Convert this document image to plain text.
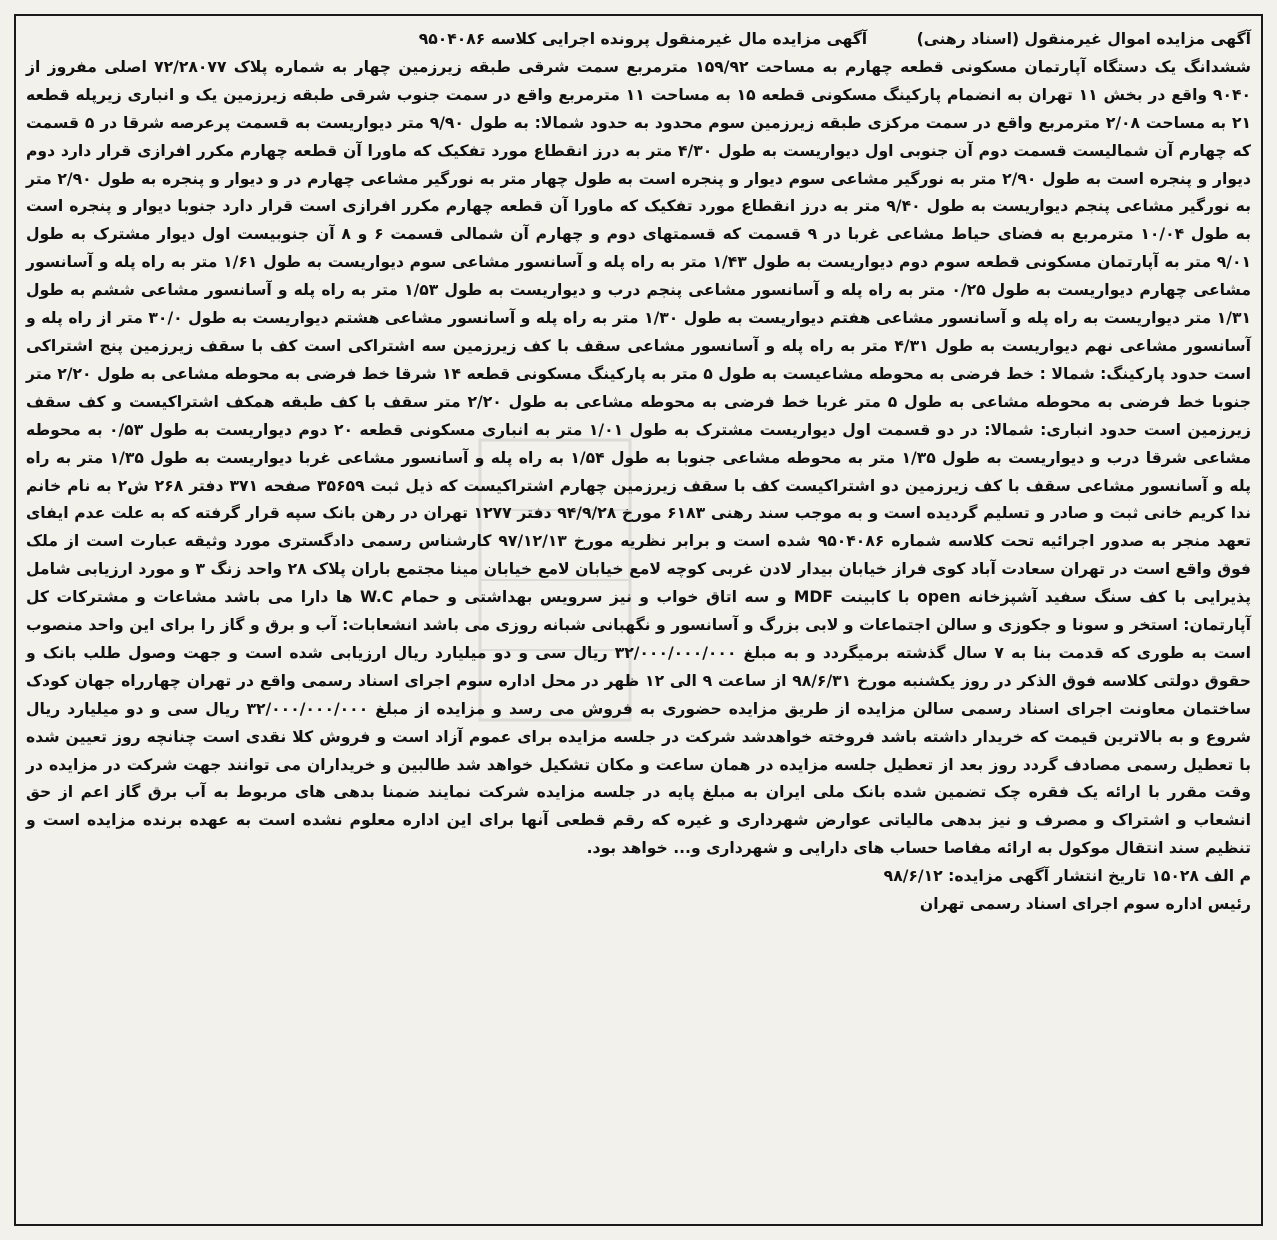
آگهی مزایده اموال غیرمنقول (اسناد رهنی) آگهی مزایده مال غیرمنقول پرونده اجرایی کلاسه ۹۵۰۴۰۸۶
ششدانگ یک دستگاه آپارتمان مسکونی قطعه چهارم به مساحت ۱۵۹/۹۲ مترمربع سمت شرقی طبقه زیرزمین چهار به شماره پلاک ۷۲/۲۸۰۷۷ اصلی مفروز از ۹۰۴۰ واقع در بخش ۱۱ تهران به انضمام پارکینگ مسکونی قطعه ۱۵ به مساحت ۱۱ مترمربع واقع در سمت جنوب شرقی طبقه زیرزمین یک و انباری زیرپله قطعه ۲۱ به مساحت ۲/۰۸ مترمربع واقع در سمت مرکزی طبقه زیرزمین سوم محدود به حدود شمالا: به طول ۹/۹۰ متر دیواریست به قسمت پرعرصه شرقا در ۵ قسمت که چهارم آن شمالیست قسمت دوم آن جنوبی اول دیواریست به طول ۴/۳۰ متر به درز انقطاع مورد تفکیک که ماورا آن قطعه چهارم مکرر افرازی قرار دارد دوم دیوار و پنجره است به طول ۲/۹۰ متر به نورگیر مشاعی سوم دیوار و پنجره است به طول چهار متر به نورگیر مشاعی چهارم در و دیوار و پنجره به طول ۲/۹۰ متر به نورگیر مشاعی پنجم دیواریست به طول ۹/۴۰ متر به درز انقطاع مورد تفکیک که ماورا آن قطعه چهارم مکرر افرازی است قرار دارد جنوبا دیوار و پنجره است به طول ۱۰/۰۴ مترمربع به فضای حیاط مشاعی غربا در ۹ قسمت که قسمتهای دوم و چهارم آن شمالی قسمت ۶ و ۸ آن جنوبیست اول دیوار مشترک به طول ۹/۰۱ متر به آپارتمان مسکونی قطعه سوم دوم دیواریست به طول ۱/۴۳ متر به راه پله و آسانسور مشاعی سوم دیواریست به طول ۱/۶۱ متر به راه پله و آسانسور مشاعی چهارم دیواریست به طول ۰/۲۵ متر به راه پله و آسانسور مشاعی پنجم درب و دیواریست به طول ۱/۵۳ متر به راه پله و آسانسور مشاعی ششم به طول ۱/۳۱ متر دیواریست به راه پله و آسانسور مشاعی هفتم دیواریست به طول ۱/۳۰ متر به راه پله و آسانسور مشاعی هشتم دیواریست به طول ۳۰/۰ متر از راه پله و آسانسور مشاعی نهم دیواریست به طول ۴/۳۱ متر به راه پله و آسانسور مشاعی سقف با کف زیرزمین سه اشتراکی است کف با سقف زیرزمین پنج اشتراکی است حدود پارکینگ: شمالا : خط فرضی به محوطه مشاعیست به طول ۵ متر به پارکینگ مسکونی قطعه ۱۴ شرقا خط فرضی به محوطه مشاعی به طول ۲/۲۰ متر جنوبا خط فرضی به محوطه مشاعی به طول ۵ متر غربا خط فرضی به محوطه مشاعی به طول ۲/۲۰ متر سقف با کف طبقه همکف اشتراکیست و کف سقف زیرزمین است حدود انباری: شمالا: در دو قسمت اول دیواریست مشترک به طول ۱/۰۱ متر به انباری مسکونی قطعه ۲۰ دوم دیواریست به طول ۰/۵۳ به محوطه مشاعی شرقا درب و دیواریست به طول ۱/۳۵ متر به محوطه مشاعی جنوبا به طول ۱/۵۴ به راه پله و آسانسور مشاعی غربا دیواریست به طول ۱/۳۵ متر به راه پله و آسانسور مشاعی سقف با کف زیرزمین دو اشتراکیست کف با سقف زیرزمین چهارم اشتراکیست که ذیل ثبت ۳۵۶۵۹ صفحه ۳۷۱ دفتر ۲۶۸ ش۲ به نام خانم ندا کریم خانی ثبت و صادر و تسلیم گردیده است و به موجب سند رهنی ۶۱۸۳ مورخ ۹۴/۹/۲۸ دفتر ۱۲۷۷ تهران در رهن بانک سپه قرار گرفته که به علت عدم ایفای تعهد منجر به صدور اجرائیه تحت کلاسه شماره ۹۵۰۴۰۸۶ شده است و برابر نظریه مورخ ۹۷/۱۲/۱۳ کارشناس رسمی دادگستری مورد وثیقه عبارت است از ملک فوق واقع است در تهران سعادت آباد کوی فراز خیابان بیدار لادن غربی کوچه لامع خیابان لامع خیابان مینا مجتمع باران پلاک ۲۸ واحد زنگ ۳ و مورد ارزیابی شامل پذیرایی با کف سنگ سفید آشپزخانه open با کابینت MDF و سه اتاق خواب و نیز سرویس بهداشتی و حمام W.C ها دارا می باشد مشاعات و مشترکات کل آپارتمان: استخر و سونا و جکوزی و سالن اجتماعات و لابی بزرگ و آسانسور و نگهبانی شبانه روزی می باشد انشعابات: آب و برق و گاز را برای این واحد منصوب است به طوری که قدمت بنا به ۷ سال گذشته برمیگردد و به مبلغ ۳۲/۰۰۰/۰۰۰/۰۰۰ ریال سی و دو میلیارد ریال ارزیابی شده است و جهت وصول طلب بانک و حقوق دولتی کلاسه فوق الذکر در روز یکشنبه مورخ ۹۸/۶/۳۱ از ساعت ۹ الی ۱۲ ظهر در محل اداره سوم اجرای اسناد رسمی واقع در تهران چهارراه جهان کودک ساختمان معاونت اجرای اسناد رسمی سالن مزایده از طریق مزایده حضوری به فروش می رسد و مزایده از مبلغ ۳۲/۰۰۰/۰۰۰/۰۰۰ ریال سی و دو میلیارد ریال شروع و به بالاترین قیمت که خریدار داشته باشد فروخته خواهدشد شرکت در جلسه مزایده برای عموم آزاد است و فروش کلا نقدی است چنانچه روز تعیین شده با تعطیل رسمی مصادف گردد روز بعد از تعطیل جلسه مزایده در همان ساعت و مکان تشکیل خواهد شد طالبین و خریداران می توانند جهت شرکت در مزایده در وقت مقرر با ارائه یک فقره چک تضمین شده بانک ملی ایران به مبلغ پایه در جلسه مزایده شرکت نمایند ضمنا بدهی های مربوط به آب برق گاز اعم از حق انشعاب و اشتراک و مصرف و نیز بدهی مالیاتی عوارض شهرداری و غیره که رقم قطعی آنها برای این اداره معلوم نشده است به عهده برنده مزایده است و تنظیم سند انتقال موکول به ارائه مفاصا حساب های دارایی و شهرداری و... خواهد بود.
م الف ۱۵۰۲۸ تاریخ انتشار آگهی مزایده: ۹۸/۶/۱۲
رئیس اداره سوم اجرای اسناد رسمی تهران
